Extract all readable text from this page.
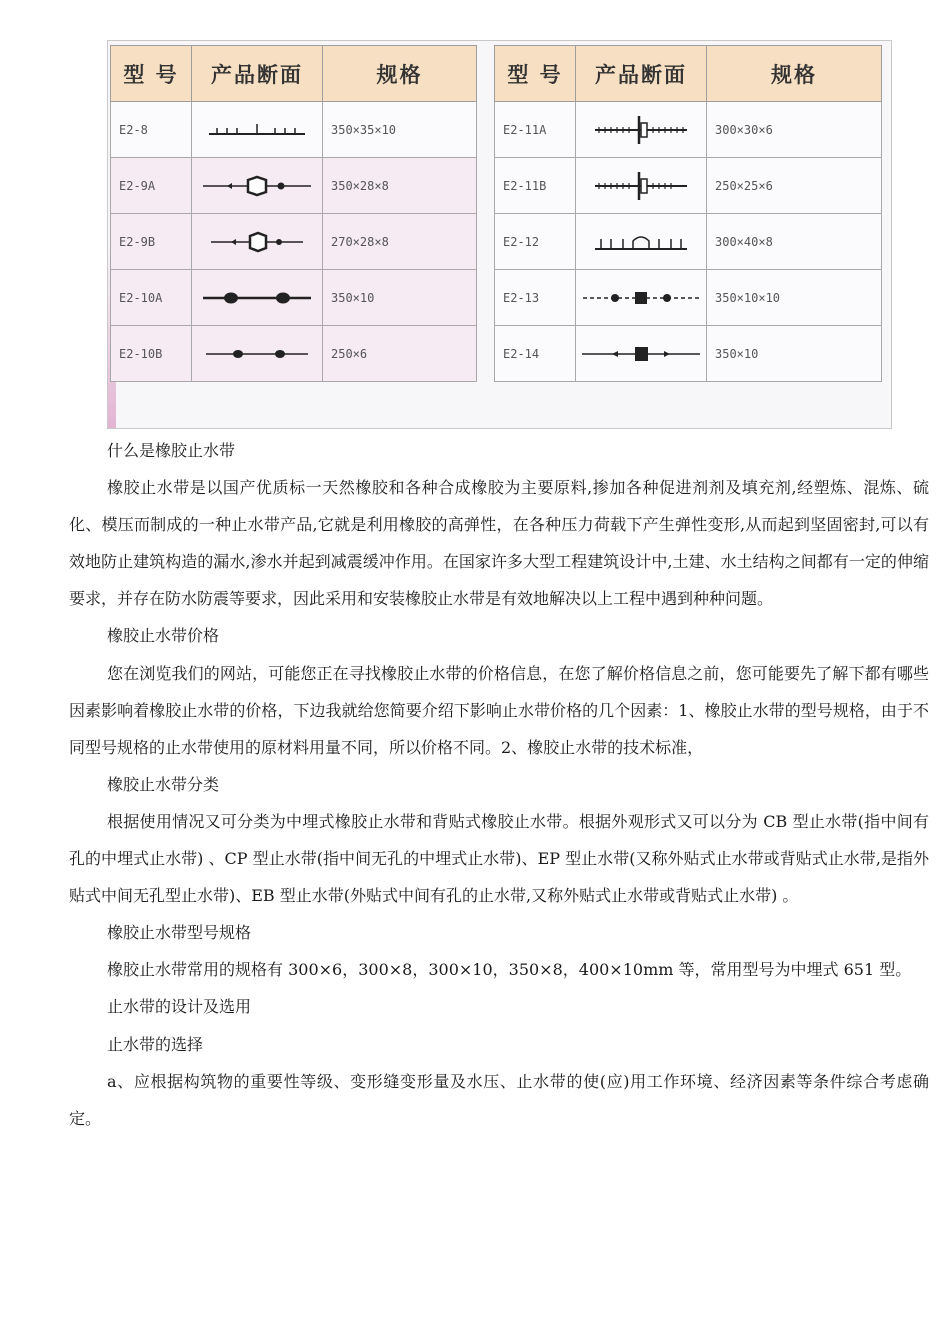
型 号	产品断面	规格
E2-8		350×35×10
E2-9A		350×28×8
E2-9B		270×28×8
E2-10A		350×10
E2-10B		250×6
型 号	产品断面	规格
E2-11A		300×30×6
E2-11B		250×25×6
E2-12		300×40×8
E2-13		350×10×10
E2-14		350×10

什么是橡胶止水带

橡胶止水带是以国产优质标一天然橡胶和各种合成橡胶为主要原料,掺加各种促进剂剂及填充剂,经塑炼、混炼、硫化、模压而制成的一种止水带产品,它就是利用橡胶的高弹性，在各种压力荷载下产生弹性变形,从而起到坚固密封,可以有效地防止建筑构造的漏水,渗水并起到减震缓冲作用。在国家许多大型工程建筑设计中,土建、水土结构之间都有一定的伸缩要求，并存在防水防震等要求，因此采用和安装橡胶止水带是有效地解决以上工程中遇到种种问题。

橡胶止水带价格

您在浏览我们的网站，可能您正在寻找橡胶止水带的价格信息，在您了解价格信息之前，您可能要先了解下都有哪些因素影响着橡胶止水带的价格，下边我就给您简要介绍下影响止水带价格的几个因素：1、橡胶止水带的型号规格，由于不同型号规格的止水带使用的原材料用量不同，所以价格不同。2、橡胶止水带的技术标准，

橡胶止水带分类

根据使用情况又可分类为中埋式橡胶止水带和背贴式橡胶止水带。根据外观形式又可以分为 CB 型止水带(指中间有孔的中埋式止水带) 、CP 型止水带(指中间无孔的中埋式止水带)、EP 型止水带(又称外贴式止水带或背贴式止水带,是指外贴式中间无孔型止水带)、EB 型止水带(外贴式中间有孔的止水带,又称外贴式止水带或背贴式止水带) 。

橡胶止水带型号规格

橡胶止水带常用的规格有 300×6，300×8，300×10，350×8，400×10mm 等，常用型号为中埋式 651 型。

止水带的设计及选用

止水带的选择

a、应根据构筑物的重要性等级、变形缝变形量及水压、止水带的使(应)用工作环境、经济因素等条件综合考虑确定。
